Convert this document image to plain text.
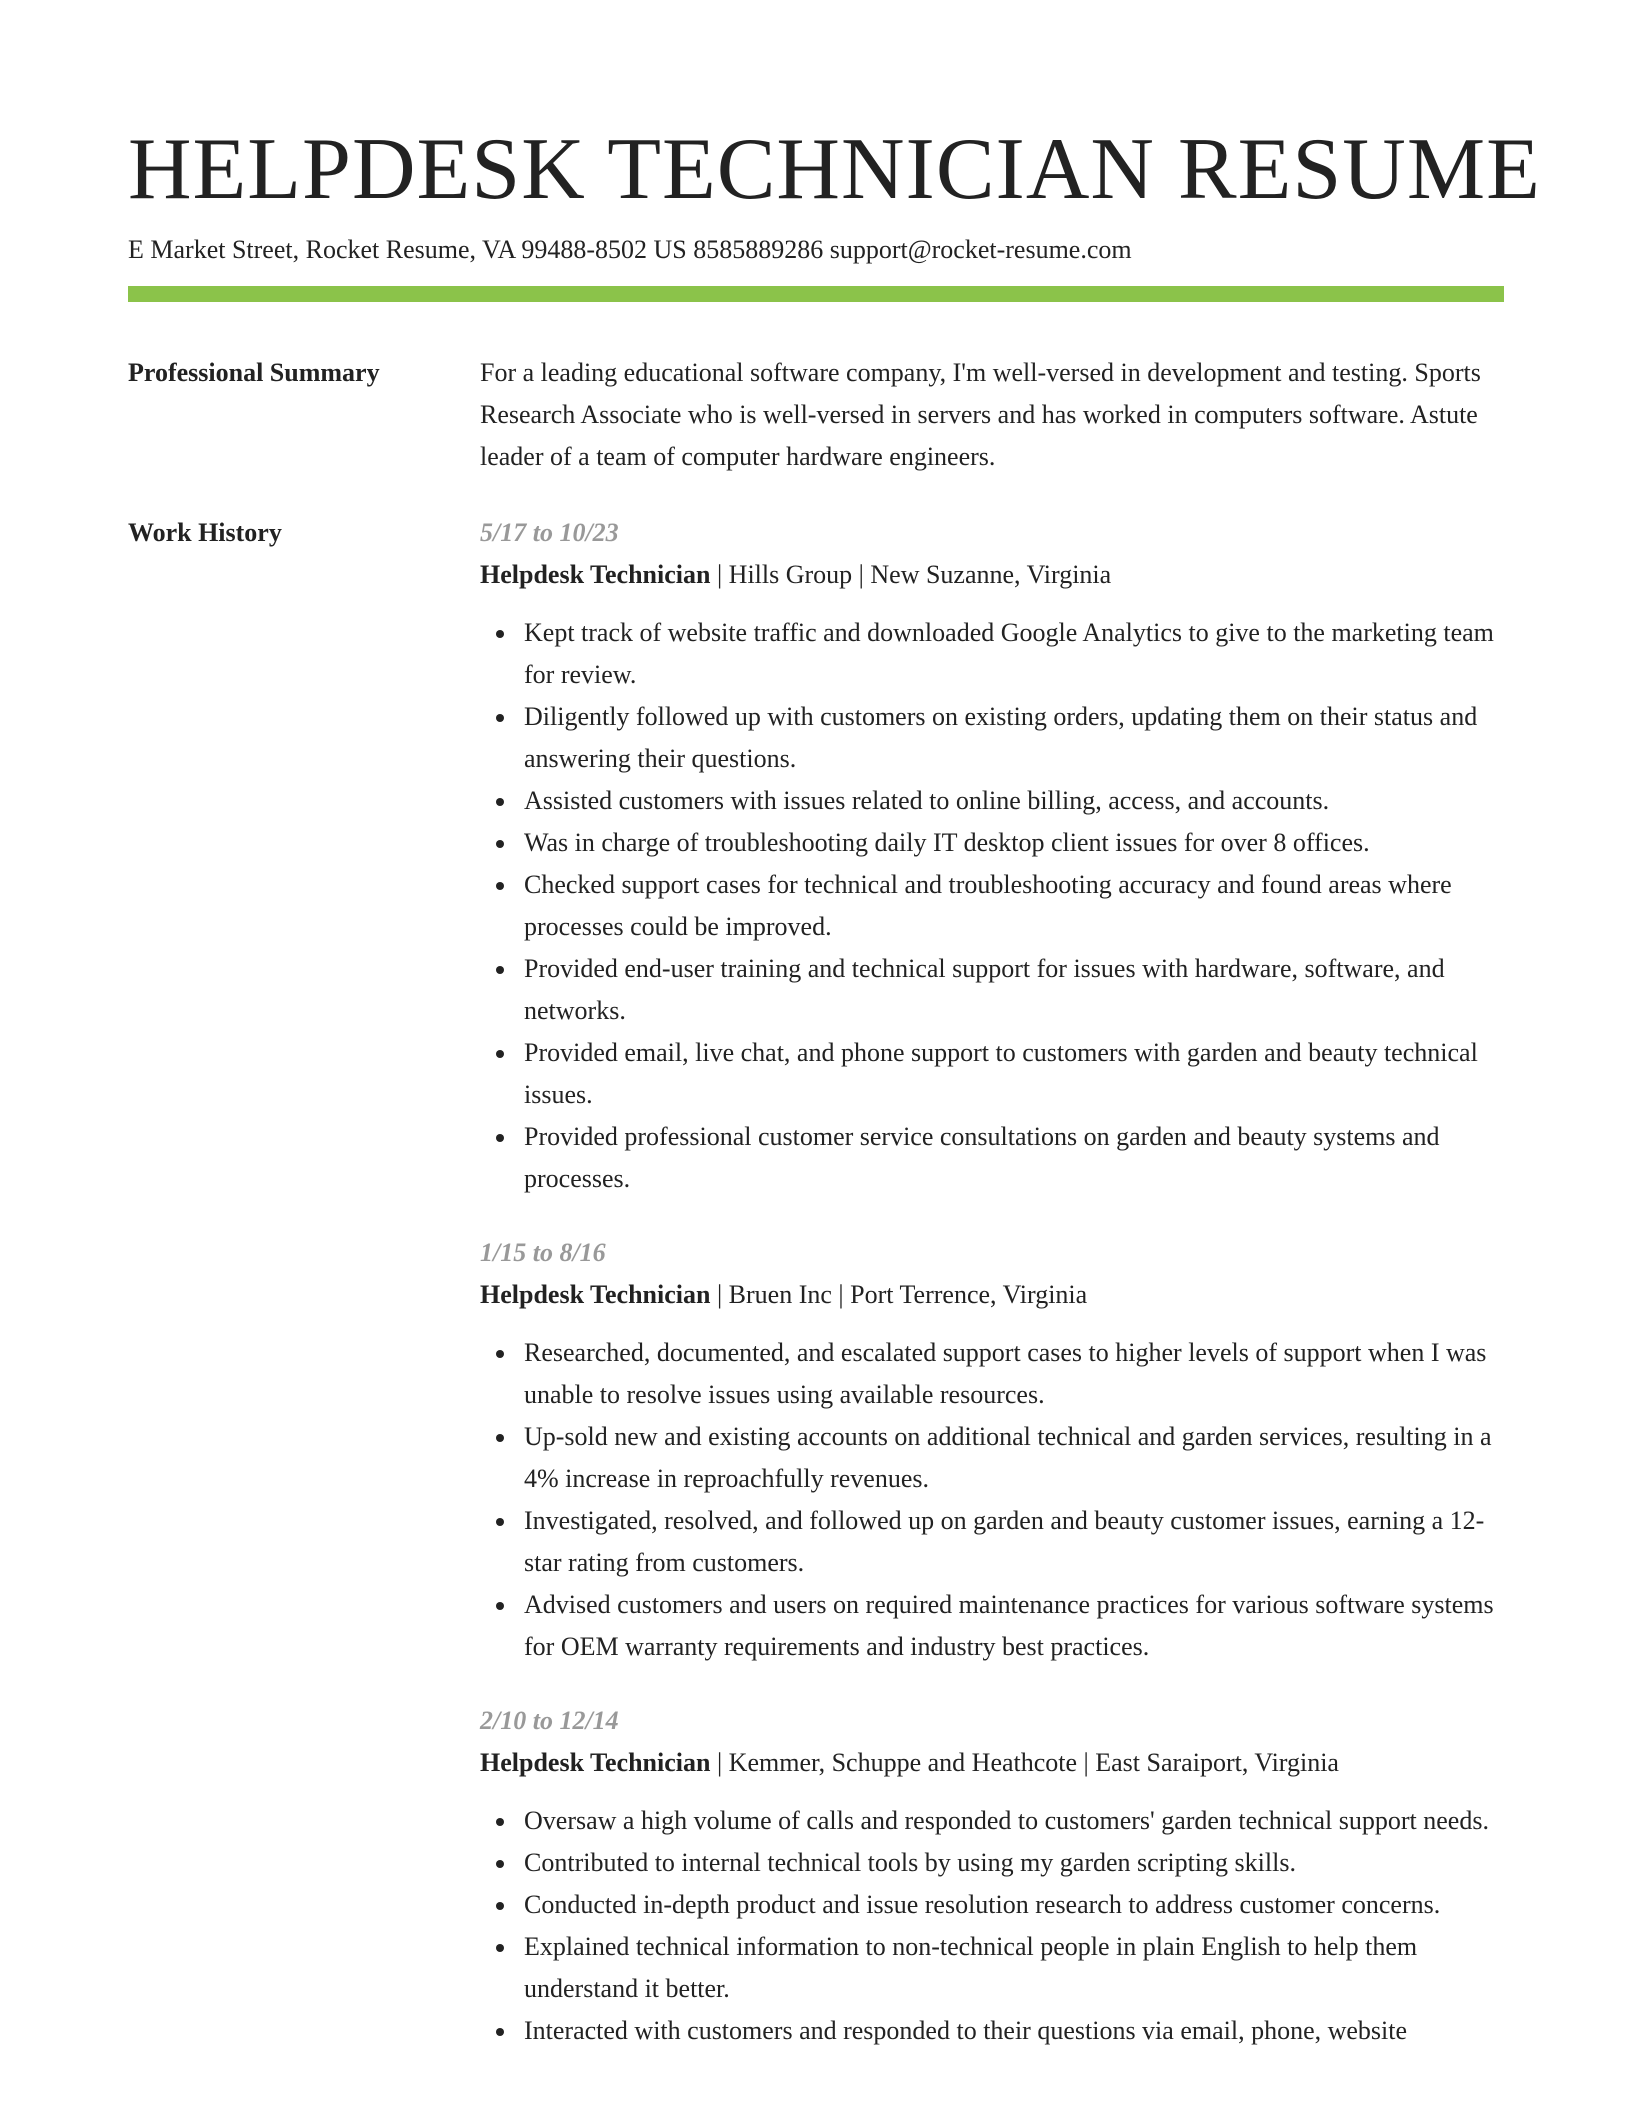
HELPDESK TECHNICIAN RESUME
E Market Street, Rocket Resume, VA 99488-8502 US 8585889286 support@rocket-resume.com
Professional Summary	For a leading educational software company, I'm well-versed in development and testing. Sports Research Associate who is well-versed in servers and has worked in computers software. Astute leader of a team of computer hardware engineers.

Work History	5/17 to 10/23
Helpdesk Technician | Hills Group | New Suzanne, Virginia
Kept track of website traffic and downloaded Google Analytics to give to the marketing team for review.
Diligently followed up with customers on existing orders, updating them on their status and answering their questions.
Assisted customers with issues related to online billing, access, and accounts.
Was in charge of troubleshooting daily IT desktop client issues for over 8 offices.
Checked support cases for technical and troubleshooting accuracy and found areas where processes could be improved.
Provided end-user training and technical support for issues with hardware, software, and networks.
Provided email, live chat, and phone support to customers with garden and beauty technical issues.
Provided professional customer service consultations on garden and beauty systems and processes.
1/15 to 8/16
Helpdesk Technician | Bruen Inc | Port Terrence, Virginia
Researched, documented, and escalated support cases to higher levels of support when I was unable to resolve issues using available resources.
Up-sold new and existing accounts on additional technical and garden services, resulting in a 4% increase in reproachfully revenues.
Investigated, resolved, and followed up on garden and beauty customer issues, earning a 12-star rating from customers.
Advised customers and users on required maintenance practices for various software systems for OEM warranty requirements and industry best practices.
2/10 to 12/14
Helpdesk Technician | Kemmer, Schuppe and Heathcote | East Saraiport, Virginia
Oversaw a high volume of calls and responded to customers' garden technical support needs.
Contributed to internal technical tools by using my garden scripting skills.
Conducted in-depth product and issue resolution research to address customer concerns.
Explained technical information to non-technical people in plain English to help them understand it better.
Interacted with customers and responded to their questions via email, phone, website
